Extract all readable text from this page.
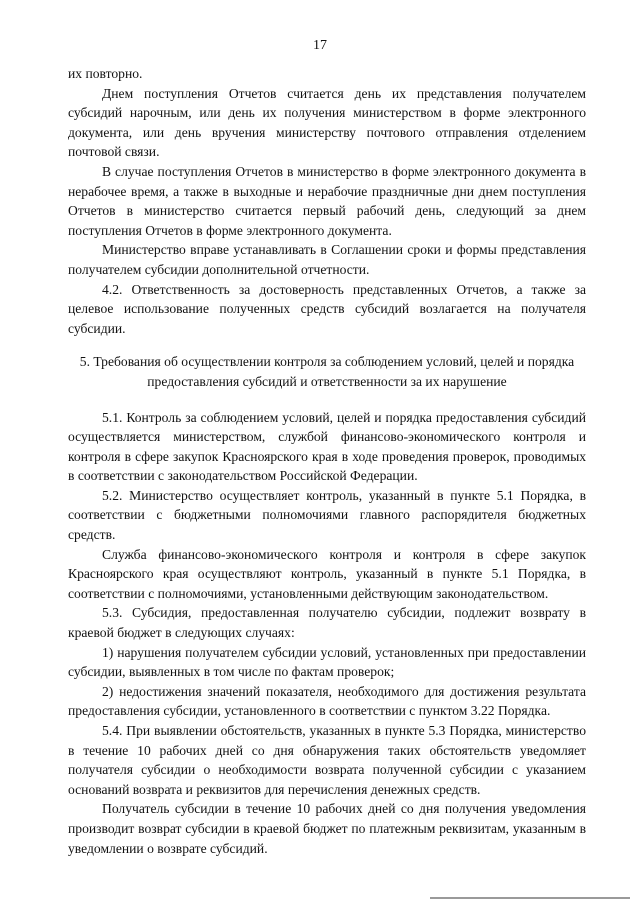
17

их повторно.

Днем поступления Отчетов считается день их представления получателем субсидий нарочным, или день их получения министерством в форме электронного документа, или день вручения министерству почтового отправления отделением почтовой связи.

В случае поступления Отчетов в министерство в форме электронного документа в нерабочее время, а также в выходные и нерабочие праздничные дни днем поступления Отчетов в министерство считается первый рабочий день, следующий за днем поступления Отчетов в форме электронного документа.

Министерство вправе устанавливать в Соглашении сроки и формы представления получателем субсидии дополнительной отчетности.

4.2. Ответственность за достоверность представленных Отчетов, а также за целевое использование полученных средств субсидий возлагается на получателя субсидии.

5. Требования об осуществлении контроля за соблюдением условий, целей и порядка предоставления субсидий и ответственности за их нарушение

5.1. Контроль за соблюдением условий, целей и порядка предоставления субсидий осуществляется министерством, службой финансово-экономического контроля и контроля в сфере закупок Красноярского края в ходе проведения проверок, проводимых в соответствии с законодательством Российской Федерации.

5.2. Министерство осуществляет контроль, указанный в пункте 5.1 Порядка, в соответствии с бюджетными полномочиями главного распорядителя бюджетных средств.

Служба финансово-экономического контроля и контроля в сфере закупок Красноярского края осуществляют контроль, указанный в пункте 5.1 Порядка, в соответствии с полномочиями, установленными действующим законодательством.

5.3. Субсидия, предоставленная получателю субсидии, подлежит возврату в краевой бюджет в следующих случаях:

1) нарушения получателем субсидии условий, установленных при предоставлении субсидии, выявленных в том числе по фактам проверок;

2) недостижения значений показателя, необходимого для достижения результата предоставления субсидии, установленного в соответствии с пунктом 3.22 Порядка.

5.4. При выявлении обстоятельств, указанных в пункте 5.3 Порядка, министерство в течение 10 рабочих дней со дня обнаружения таких обстоятельств уведомляет получателя субсидии о необходимости возврата полученной субсидии с указанием оснований возврата и реквизитов для перечисления денежных средств.

Получатель субсидии в течение 10 рабочих дней со дня получения уведомления производит возврат субсидии в краевой бюджет по платежным реквизитам, указанным в уведомлении о возврате субсидий.
